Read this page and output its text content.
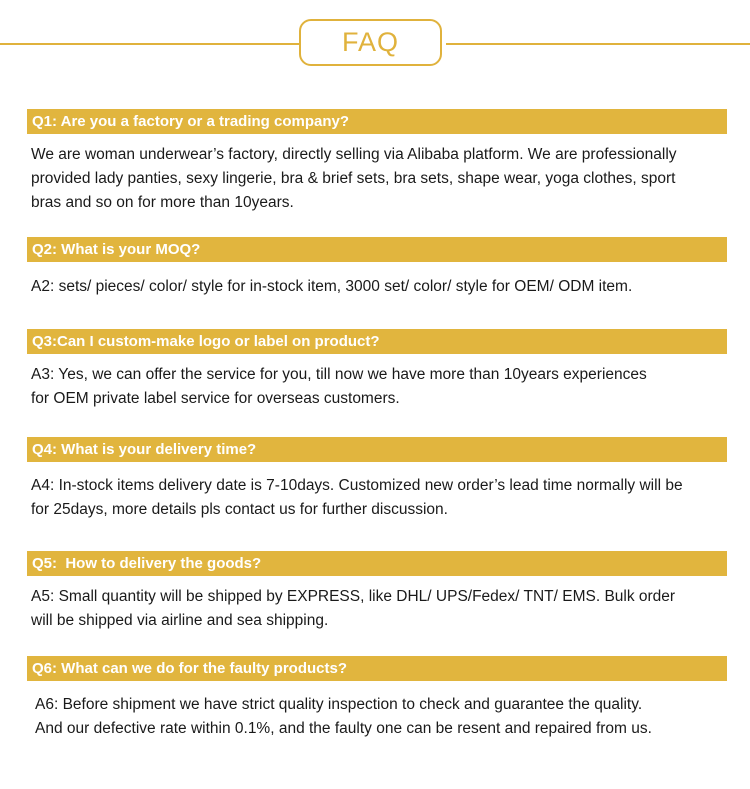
FAQ
Q1: Are you a factory or a trading company?
We are woman underwear’s factory, directly selling via Alibaba platform. We are professionally
provided lady panties, sexy lingerie, bra & brief sets, bra sets, shape wear, yoga clothes, sport
bras and so on for more than 10years.
Q2: What is your MOQ?
A2: sets/ pieces/ color/ style for in-stock item, 3000 set/ color/ style for OEM/ ODM item.
Q3:Can I custom-make logo or label on product?
A3: Yes, we can offer the service for you, till now we have more than 10years experiences
for OEM private label service for overseas customers.
Q4: What is your delivery time?
A4: In-stock items delivery date is 7-10days. Customized new order’s lead time normally will be
for 25days, more details pls contact us for further discussion.
Q5:  How to delivery the goods?
A5: Small quantity will be shipped by EXPRESS, like DHL/ UPS/Fedex/ TNT/ EMS. Bulk order
will be shipped via airline and sea shipping.
Q6: What can we do for the faulty products?
A6: Before shipment we have strict quality inspection to check and guarantee the quality.
And our defective rate within 0.1%, and the faulty one can be resent and repaired from us.
